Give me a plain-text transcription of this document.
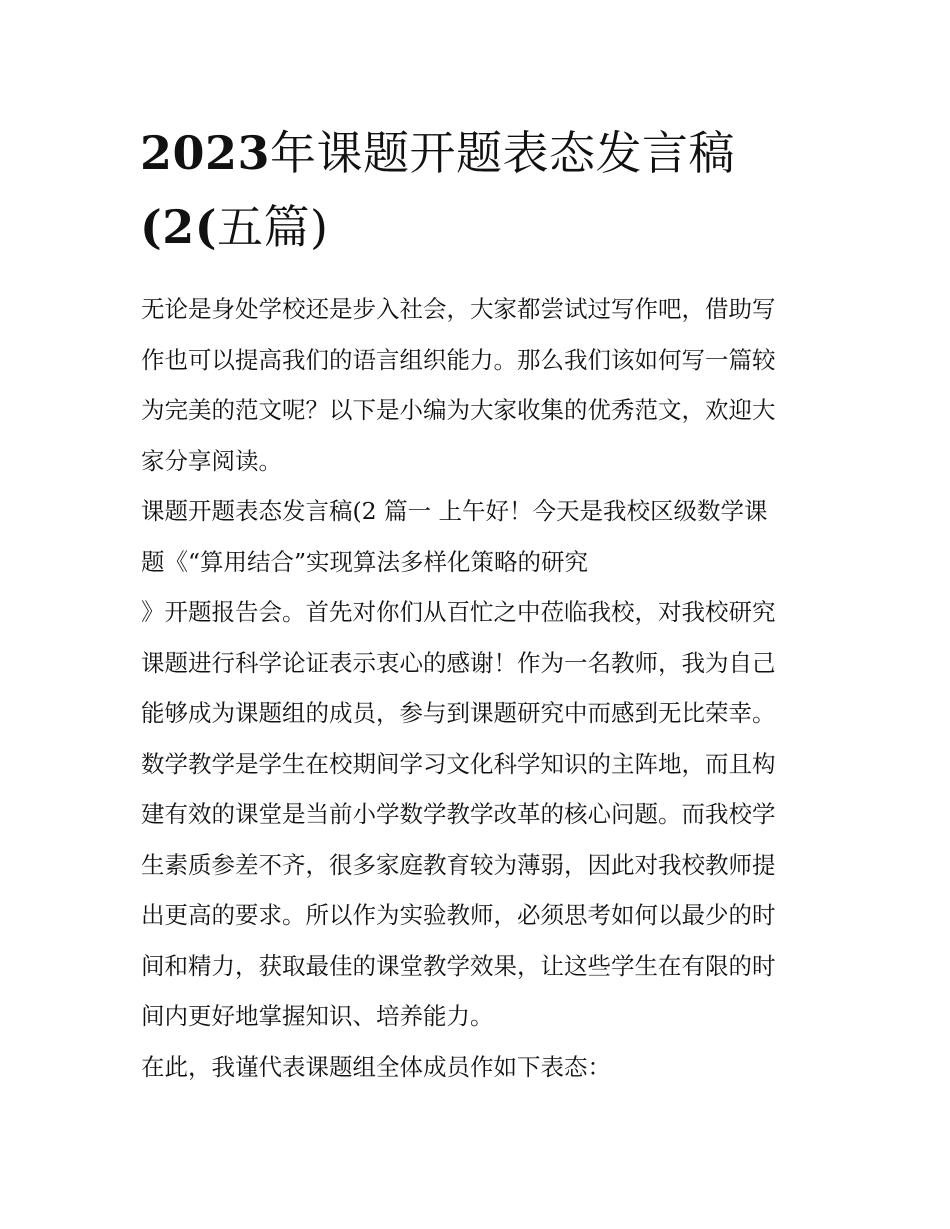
2023年课题开题表态发言稿
(2(五篇)

无论是身处学校还是步入社会，大家都尝试过写作吧，借助写
作也可以提高我们的语言组织能力。那么我们该如何写一篇较
为完美的范文呢？以下是小编为大家收集的优秀范文，欢迎大
家分享阅读。

课题开题表态发言稿(2 篇一 上午好！今天是我校区级数学课
题《“算用结合”实现算法多样化策略的研究
》开题报告会。首先对你们从百忙之中莅临我校，对我校研究
课题进行科学论证表示衷心的感谢！作为一名教师，我为自己
能够成为课题组的成员，参与到课题研究中而感到无比荣幸。
数学教学是学生在校期间学习文化科学知识的主阵地，而且构
建有效的课堂是当前小学数学教学改革的核心问题。而我校学
生素质参差不齐，很多家庭教育较为薄弱，因此对我校教师提
出更高的要求。所以作为实验教师，必须思考如何以最少的时
间和精力，获取最佳的课堂教学效果，让这些学生在有限的时
间内更好地掌握知识、培养能力。

在此，我谨代表课题组全体成员作如下表态：
